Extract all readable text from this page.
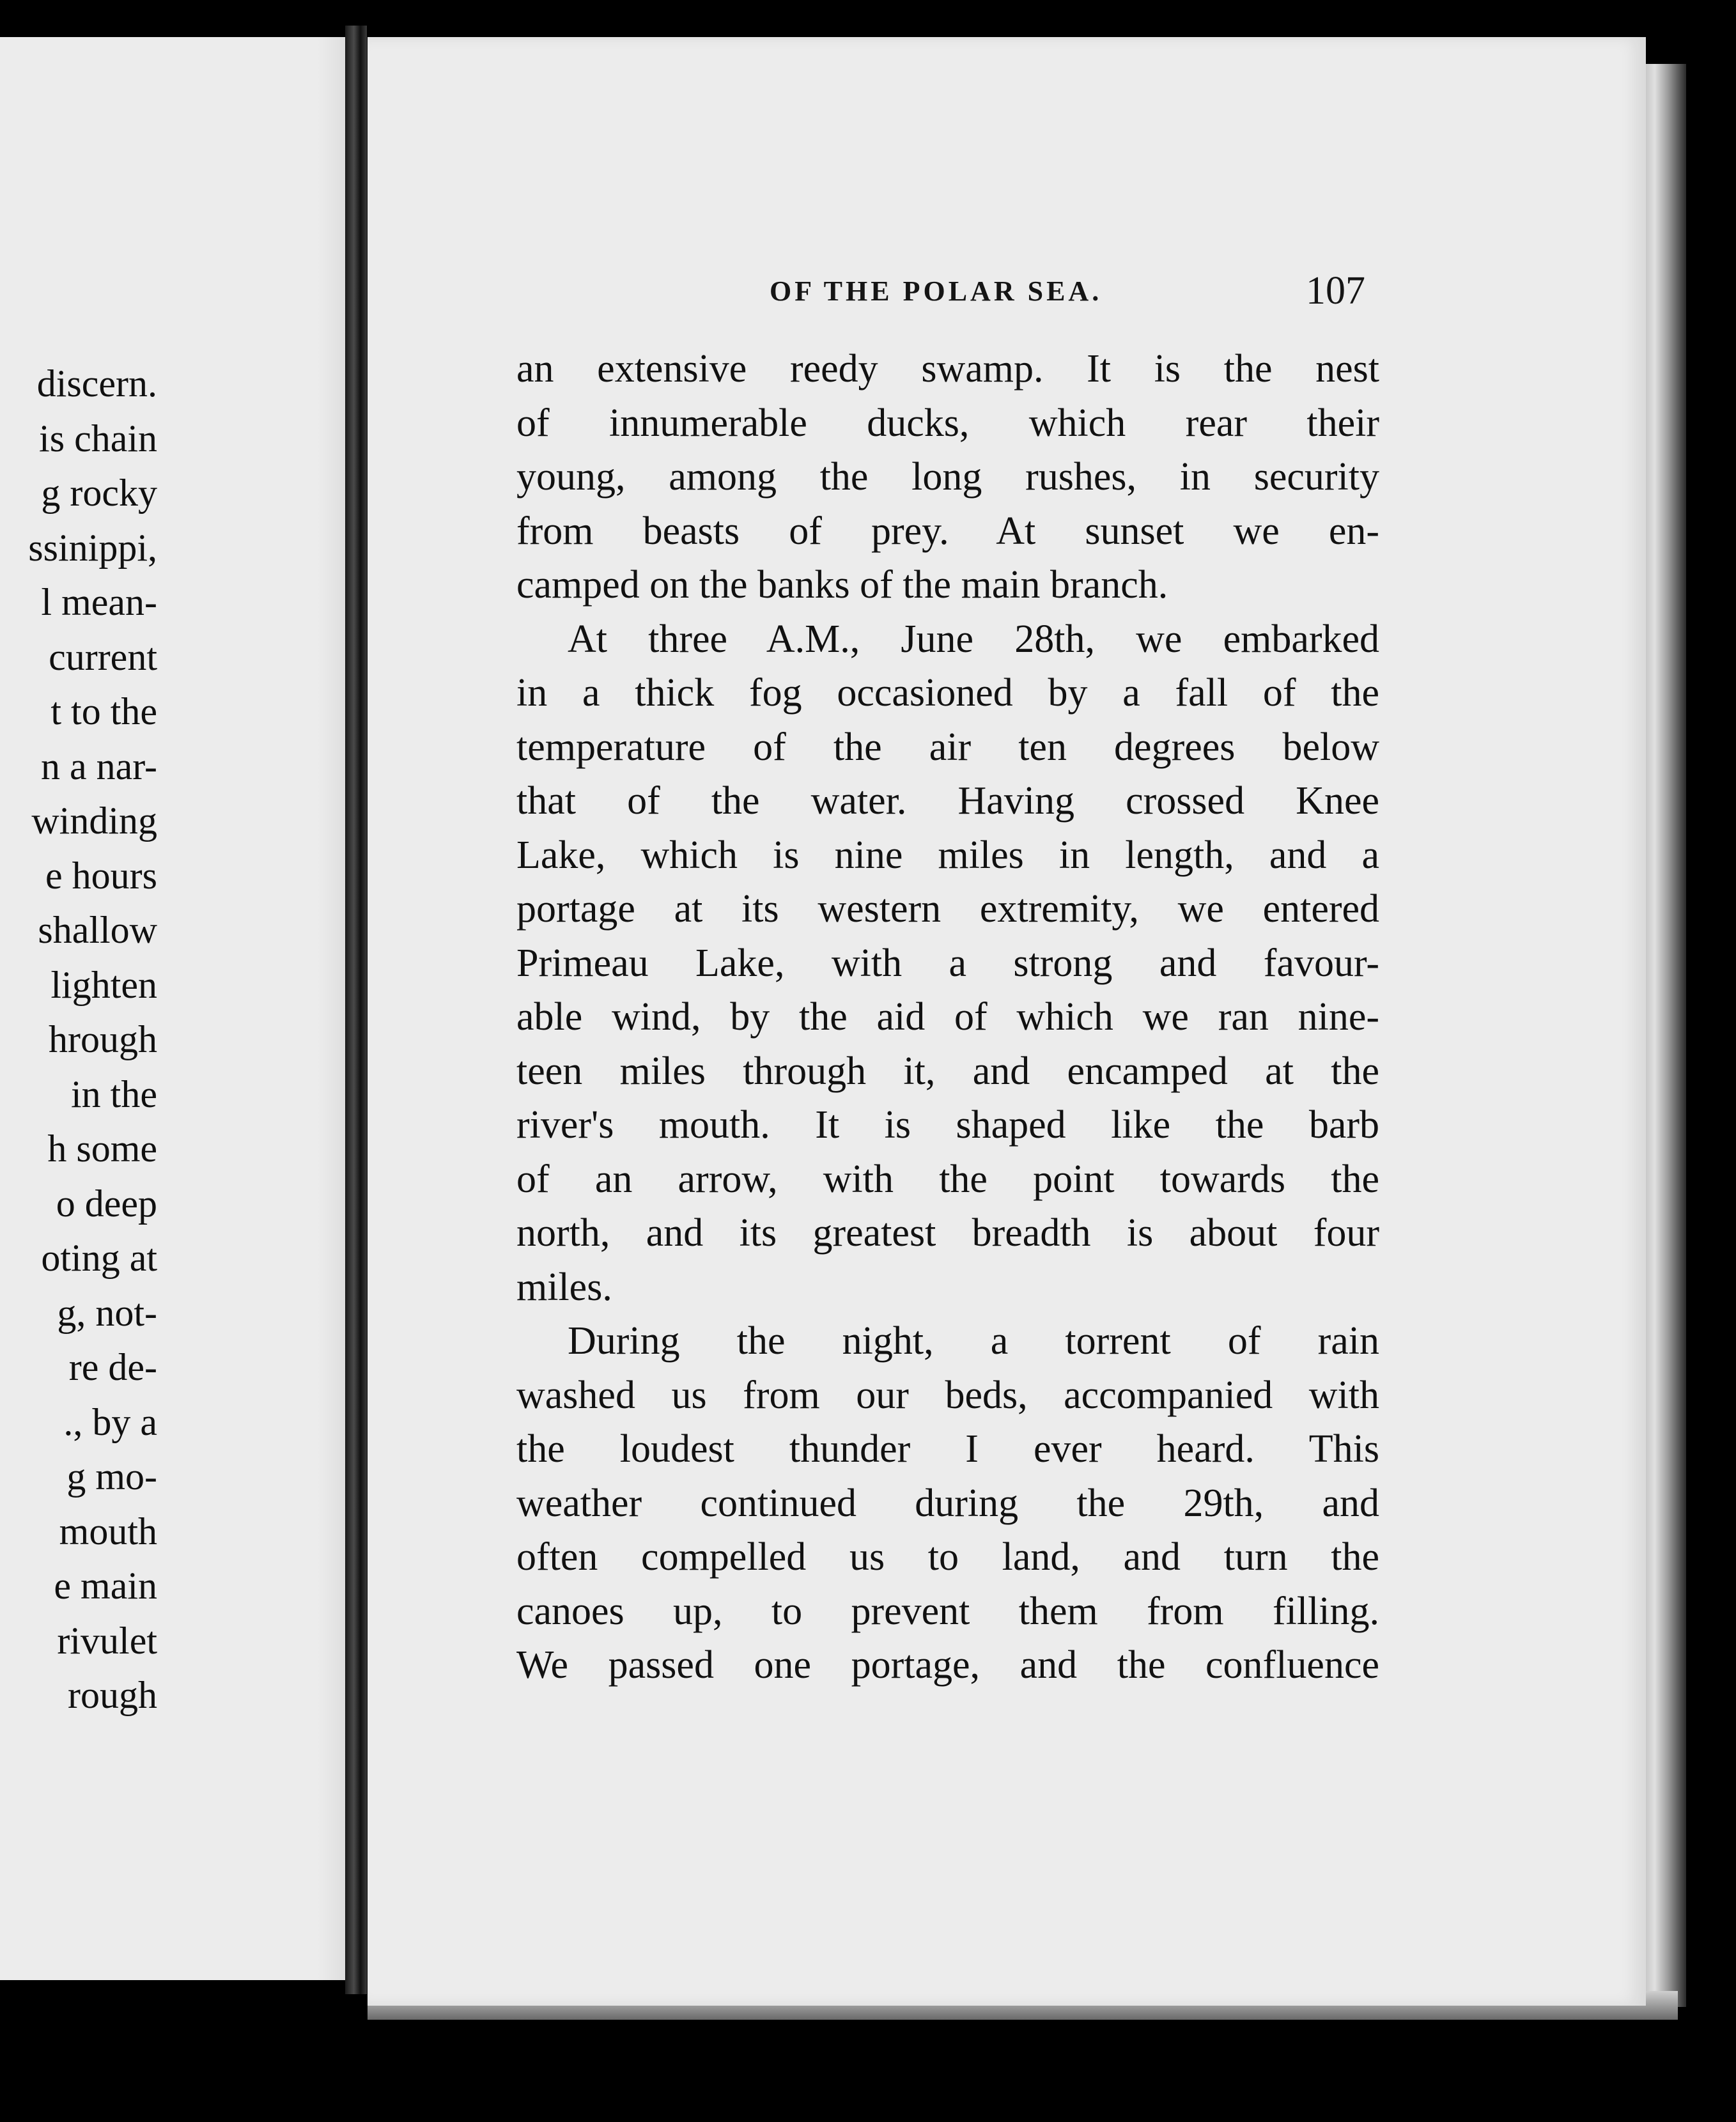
discern.
is chain
g rocky
ssinippi,
l mean-
current
t to the
n a nar-
winding
e hours
shallow
lighten
hrough
in the
h some
o deep
oting at
g, not-
re de-
., by a
g mo-
mouth
e main
rivulet
rough
OF THE POLAR SEA.	107
an extensive reedy swamp. It is the nest
of innumerable ducks, which rear their
young, among the long rushes, in security
from beasts of prey. At sunset we en-
camped on the banks of the main branch.
At three A.M., June 28th, we embarked
in a thick fog occasioned by a fall of the
temperature of the air ten degrees below
that of the water. Having crossed Knee
Lake, which is nine miles in length, and a
portage at its western extremity, we entered
Primeau Lake, with a strong and favour-
able wind, by the aid of which we ran nine-
teen miles through it, and encamped at the
river's mouth. It is shaped like the barb
of an arrow, with the point towards the
north, and its greatest breadth is about four
miles.
During the night, a torrent of rain
washed us from our beds, accompanied with
the loudest thunder I ever heard. This
weather continued during the 29th, and
often compelled us to land, and turn the
canoes up, to prevent them from filling.
We passed one portage, and the confluence
